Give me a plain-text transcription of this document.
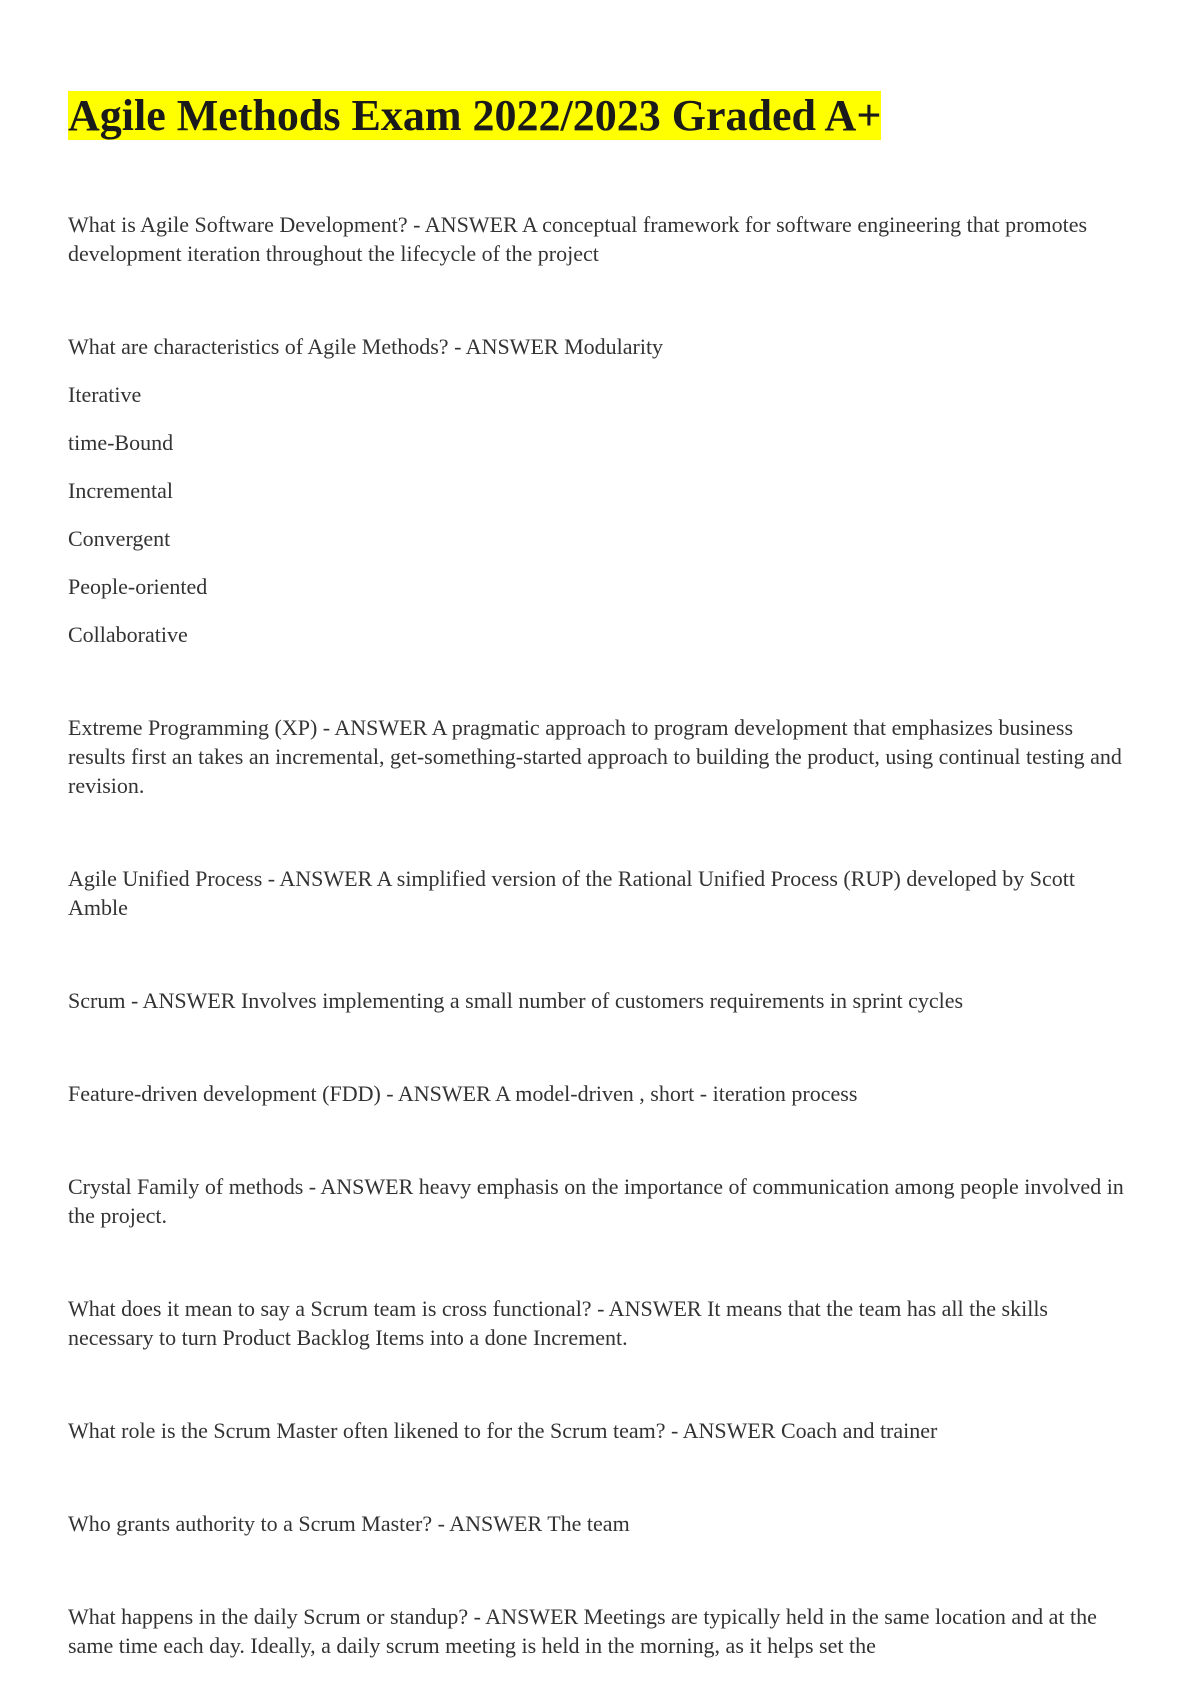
Agile Methods Exam 2022/2023 Graded A+

What is Agile Software Development? - ANSWER A conceptual framework for software engineering that promotes development iteration throughout the lifecycle of the project

What are characteristics of Agile Methods? - ANSWER Modularity

Iterative

time-Bound

Incremental

Convergent

People-oriented

Collaborative

Extreme Programming (XP) - ANSWER A pragmatic approach to program development that emphasizes business results first an takes an incremental, get-something-started approach to building the product, using continual testing and revision.

Agile Unified Process - ANSWER A simplified version of the Rational Unified Process (RUP) developed by Scott Amble

Scrum - ANSWER Involves implementing a small number of customers requirements in sprint cycles

Feature-driven development (FDD) - ANSWER A model-driven , short - iteration process

Crystal Family of methods - ANSWER heavy emphasis on the importance of communication among people involved in the project.

What does it mean to say a Scrum team is cross functional? - ANSWER It means that the team has all the skills necessary to turn Product Backlog Items into a done Increment.

What role is the Scrum Master often likened to for the Scrum team? - ANSWER Coach and trainer

Who grants authority to a Scrum Master? - ANSWER The team

What happens in the daily Scrum or standup? - ANSWER Meetings are typically held in the same location and at the same time each day. Ideally, a daily scrum meeting is held in the morning, as it helps set the
